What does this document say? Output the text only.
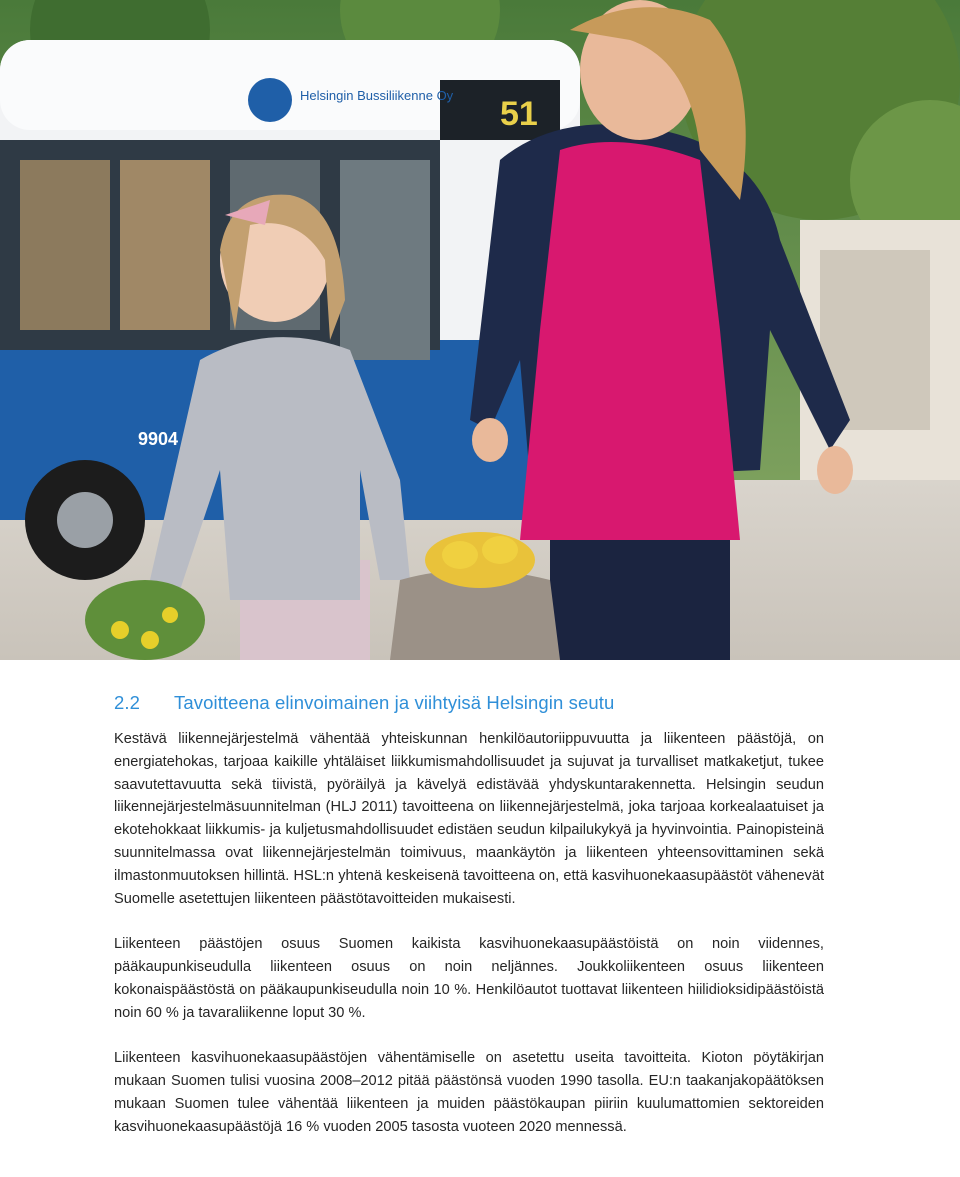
Helsingin Bussiliikenne Oy 51
9904
2.2 Tavoitteena elinvoimainen ja viihtyisä Helsingin seutu

Kestävä liikennejärjestelmä vähentää yhteiskunnan henkilöautoriippuvuutta ja liikenteen päästöjä, on energiatehokas, tarjoaa kaikille yhtäläiset liikkumismahdollisuudet ja sujuvat ja turvalliset matkaketjut, tukee saavutettavuutta sekä tiivistä, pyöräilyä ja kävelyä edistävää yhdyskuntarakennetta. Helsingin seudun liikennejärjestelmäsuunnitelman (HLJ 2011) tavoitteena on liikennejärjestelmä, joka tarjoaa korkealaatuiset ja ekotehokkaat liikkumis- ja kuljetusmahdollisuudet edistäen seudun kilpailukykyä ja hyvinvointia. Painopisteinä suunnitelmassa ovat liikennejärjestelmän toimivuus, maankäytön ja liikenteen yhteensovittaminen sekä ilmastonmuutoksen hillintä. HSL:n yhtenä keskeisenä tavoitteena on, että kasvihuonekaasupäästöt vähenevät Suomelle asetettujen liikenteen päästötavoitteiden mukaisesti.

Liikenteen päästöjen osuus Suomen kaikista kasvihuonekaasupäästöistä on noin viidennes, pääkaupunkiseudulla liikenteen osuus on noin neljännes. Joukkoliikenteen osuus liikenteen kokonaispäästöstä on pääkaupunkiseudulla noin 10 %. Henkilöautot tuottavat liikenteen hiilidioksidipäästöistä noin 60 % ja tavaraliikenne loput 30 %.

Liikenteen kasvihuonekaasupäästöjen vähentämiselle on asetettu useita tavoitteita. Kioton pöytäkirjan mukaan Suomen tulisi vuosina 2008–2012 pitää päästönsä vuoden 1990 tasolla. EU:n taakanjakopäätöksen mukaan Suomen tulee vähentää liikenteen ja muiden päästökaupan piiriin kuulumattomien sektoreiden kasvihuonekaasupäästöjä 16 % vuoden 2005 tasosta vuoteen 2020 mennessä.
